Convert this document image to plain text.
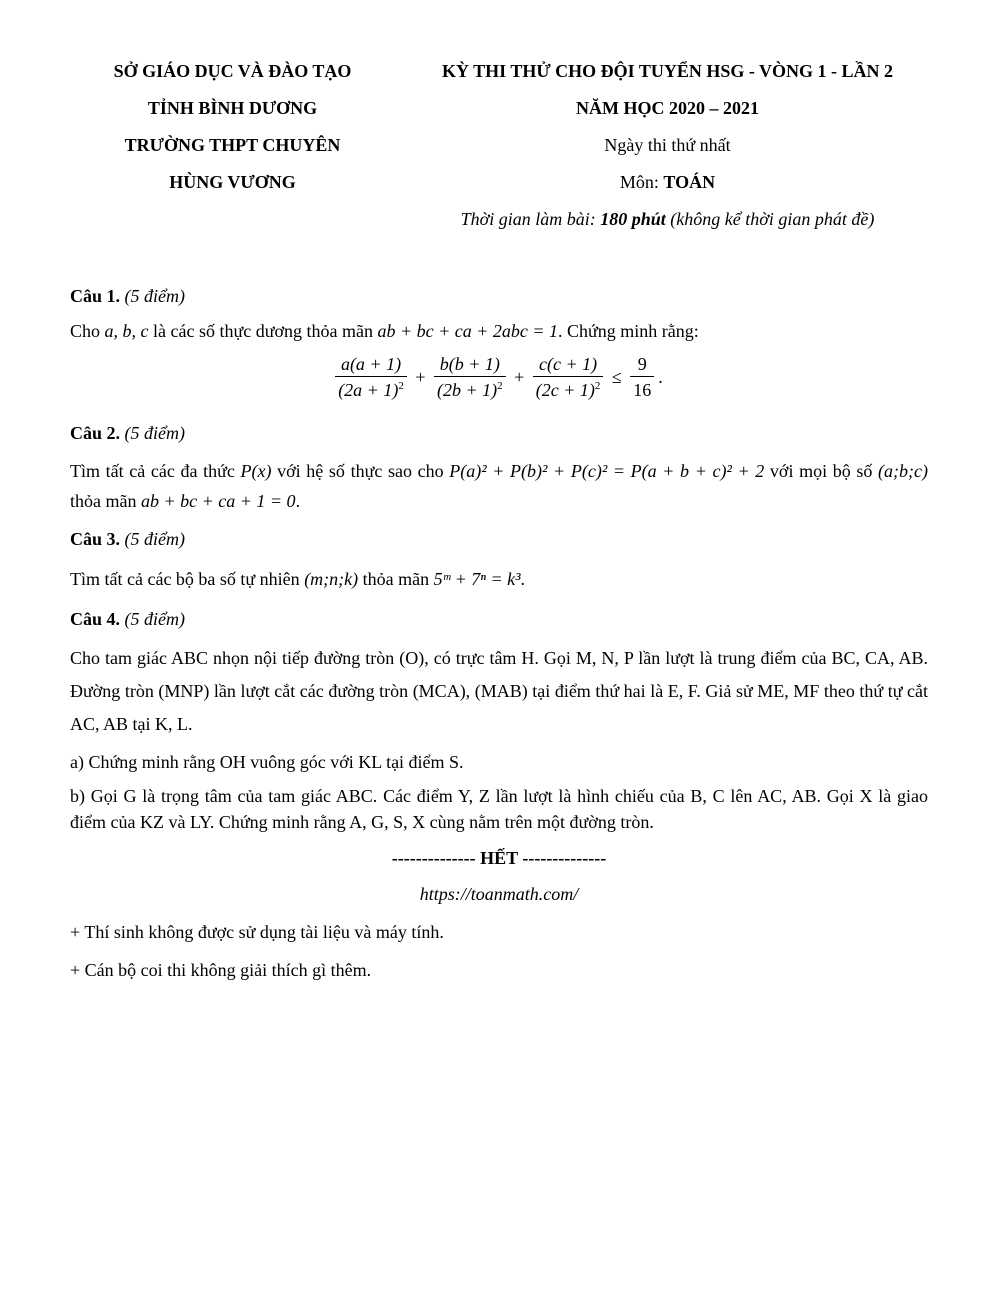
SỞ GIÁO DỤC VÀ ĐÀO TẠO
TỈNH BÌNH DƯƠNG
TRƯỜNG THPT CHUYÊN
HÙNG VƯƠNG
KỲ THI THỬ CHO ĐỘI TUYỂN HSG - VÒNG 1 - LẦN 2
NĂM HỌC 2020 – 2021
Ngày thi thứ nhất
Môn: TOÁN
Thời gian làm bài: 180 phút (không kể thời gian phát đề)
Câu 1. (5 điểm)

Cho a, b, c là các số thực dương thỏa mãn ab + bc + ca + 2abc = 1. Chứng minh rằng:

$\frac{a(a + 1)}{(2a + 1)^2} + \frac{b(b + 1)}{(2b + 1)^2} + \frac{c(c + 1)}{(2c + 1)^2} \le \frac{9}{16}$ .
Câu 2. (5 điểm)

Tìm tất cả các đa thức P(x) với hệ số thực sao cho P(a)² + P(b)² + P(c)² = P(a + b + c)² + 2 với mọi bộ số (a;b;c) thỏa mãn ab + bc + ca + 1 = 0.

Câu 3. (5 điểm)

Tìm tất cả các bộ ba số tự nhiên (m;n;k) thỏa mãn 5ᵐ + 7ⁿ = k³.

Câu 4. (5 điểm)

Cho tam giác ABC nhọn nội tiếp đường tròn (O), có trực tâm H. Gọi M, N, P lần lượt là trung điểm của BC, CA, AB. Đường tròn (MNP) lần lượt cắt các đường tròn (MCA), (MAB) tại điểm thứ hai là E, F. Giả sử ME, MF theo thứ tự cắt AC, AB tại K, L.

a) Chứng minh rằng OH vuông góc với KL tại điểm S.

b) Gọi G là trọng tâm của tam giác ABC. Các điểm Y, Z lần lượt là hình chiếu của B, C lên AC, AB. Gọi X là giao điểm của KZ và LY. Chứng minh rằng A, G, S, X cùng nằm trên một đường tròn.

-------------- HẾT --------------
https://toanmath.com/
+ Thí sinh không được sử dụng tài liệu và máy tính.
+ Cán bộ coi thi không giải thích gì thêm.
